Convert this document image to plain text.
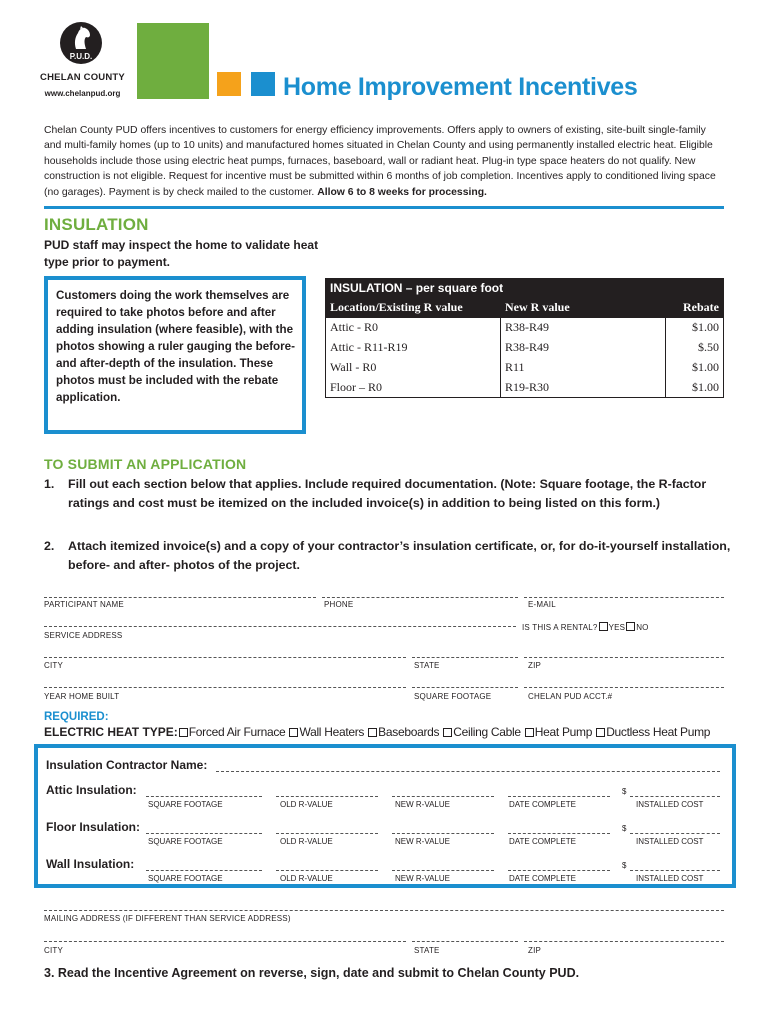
P.U.D.
CHELAN COUNTY
www.chelanpud.org	Home Improvement Incentives
Chelan County PUD offers incentives to customers for energy efficiency improvements. Offers apply to owners of existing, site-built single-family and multi-family homes (up to 10 units) and manufactured homes situated in Chelan County and using permanently installed electric heat. Eligible households include those using electric heat pumps, furnaces, baseboard, wall or radiant heat. Plug-in type space heaters do not qualify. New construction is not eligible. Request for incentive must be submitted within 6 months of job completion. Incentives apply to conditioned living space (no garages). Payment is by check mailed to the customer. Allow 6 to 8 weeks for processing.
INSULATION
PUD staff may inspect the home to validate heat type prior to payment.
Customers doing the work themselves are required to take photos before and after adding insulation (where feasible), with the photos showing a ruler gauging the before- and after-depth of the insulation. These photos must be included with the rebate application.
INSULATION – per square foot		
Location/Existing R value	New R value	Rebate
Attic - R0	R38-R49	$1.00
Attic - R11-R19	R38-R49	$.50
Wall - R0	R11	$1.00
Floor – R0	R19-R30	$1.00
TO SUBMIT AN APPLICATION
1.	Fill out each section below that applies. Include required documentation. (Note: Square footage, the R-factor ratings and cost must be itemized on the included invoice(s) in addition to being listed on this form.)
2.	Attach itemized invoice(s) and a copy of your contractor’s insulation certificate, or, for do-it-yourself installation, before- and after- photos of the project.
PARTICIPANT NAME	PHONE	E-MAIL
SERVICE ADDRESS
IS THIS A RENTAL? YES NO
CITY	STATE	ZIP
YEAR HOME BUILT	SQUARE FOOTAGE	CHELAN PUD ACCT.#
REQUIRED:
ELECTRIC HEAT TYPE: Forced Air Furnace Wall Heaters Baseboards Ceiling Cable Heat Pump Ductless Heat Pump
Insulation Contractor Name:
Attic Insulation:	$
SQUARE FOOTAGE	OLD R-VALUE	NEW R-VALUE	DATE COMPLETE	INSTALLED COST
Floor Insulation:	$
SQUARE FOOTAGE	OLD R-VALUE	NEW R-VALUE	DATE COMPLETE	INSTALLED COST
Wall Insulation:	$
SQUARE FOOTAGE	OLD R-VALUE	NEW R-VALUE	DATE COMPLETE	INSTALLED COST
MAILING ADDRESS (IF DIFFERENT THAN SERVICE ADDRESS)
CITY	STATE	ZIP
3. Read the Incentive Agreement on reverse, sign, date and submit to Chelan County PUD.
